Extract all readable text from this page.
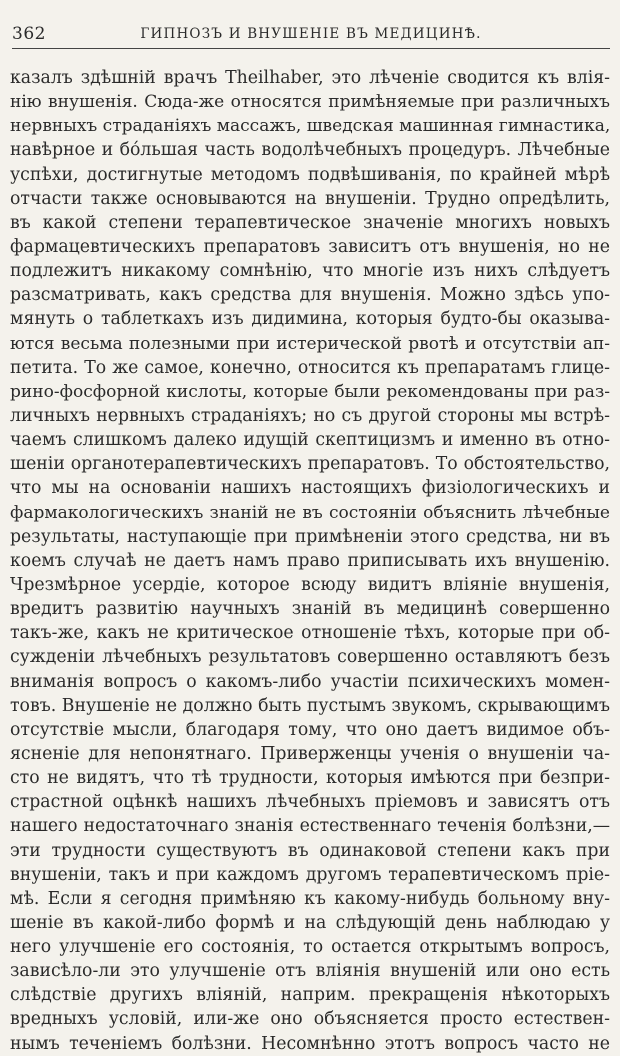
362	ГИПНОЗЪ И ВНУШЕНІЕ ВЪ МЕДИЦИНѢ.
казалъ здѣшній врачъ Theilhaber, это лѣченіе сводится къ влія-
нію внушенія. Сюда-же относятся примѣняемые при различныхъ
нервныхъ страданіяхъ массажъ, шведская машинная гимнастика,
навѣрное и бóльшая часть водолѣчебныхъ процедуръ. Лѣчебные
успѣхи, достигнутые методомъ подвѣшиванія, по крайней мѣрѣ
отчасти также основываются на внушеніи. Трудно опредѣлить,
въ какой степени терапевтическое значеніе многихъ новыхъ
фармацевтическихъ препаратовъ зависитъ отъ внушенія, но не
подлежитъ никакому сомнѣнію, что многіе изъ нихъ слѣдуетъ
разсматривать, какъ средства для внушенія. Можно здѣсь упо-
мянуть о таблеткахъ изъ дидимина, которыя будто-бы оказыва-
ются весьма полезными при истерической рвотѣ и отсутствіи ап-
петита. То же самое, конечно, относится къ препаратамъ глице-
рино-фосфорной кислоты, которые были рекомендованы при раз-
личныхъ нервныхъ страданіяхъ; но съ другой стороны мы встрѣ-
чаемъ слишкомъ далеко идущій скептицизмъ и именно въ отно-
шеніи органотерапевтическихъ препаратовъ. То обстоятельство,
что мы на основаніи нашихъ настоящихъ физіологическихъ и
фармакологическихъ знаній не въ состояніи объяснить лѣчебные
результаты, наступающіе при примѣненіи этого средства, ни въ
коемъ случаѣ не даетъ намъ право приписывать ихъ внушенію.
Чрезмѣрное усердіе, которое всюду видитъ вліяніе внушенія,
вредитъ развитію научныхъ знаній въ медицинѣ совершенно
такъ-же, какъ не критическое отношеніе тѣхъ, которые при об-
сужденіи лѣчебныхъ результатовъ совершенно оставляютъ безъ
вниманія вопросъ о какомъ-либо участіи психическихъ момен-
товъ. Внушеніе не должно быть пустымъ звукомъ, скрывающимъ
отсутствіе мысли, благодаря тому, что оно даетъ видимое объ-
ясненіе для непонятнаго. Приверженцы ученія о внушеніи ча-
сто не видятъ, что тѣ трудности, которыя имѣются при безпри-
страстной оцѣнкѣ нашихъ лѣчебныхъ пріемовъ и зависятъ отъ
нашего недостаточнаго знанія естественнаго теченія болѣзни,—
эти трудности существуютъ въ одинаковой степени какъ при
внушеніи, такъ и при каждомъ другомъ терапевтическомъ пріе-
мѣ. Если я сегодня примѣняю къ какому-нибудь больному вну-
шеніе въ какой-либо формѣ и на слѣдующій день наблюдаю у
него улучшеніе его состоянія, то остается открытымъ вопросъ,
зависѣло-ли это улучшеніе отъ вліянія внушеній или оно есть
слѣдствіе другихъ вліяній, наприм. прекращенія нѣкоторыхъ
вредныхъ условій, или-же оно объясняется просто естествен-
нымъ теченіемъ болѣзни. Несомнѣнно этотъ вопросъ часто не
